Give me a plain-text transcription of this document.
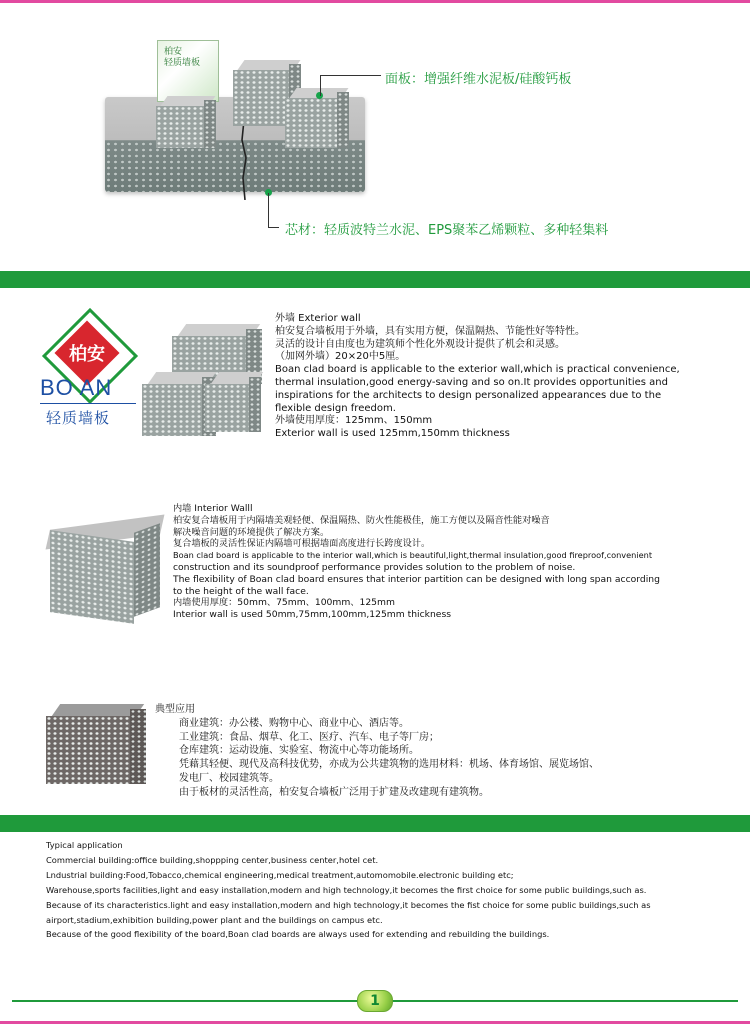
柏安
轻质墙板
面板：增强纤维水泥板/硅酸钙板
芯材：轻质波特兰水泥、EPS聚苯乙烯颗粒、多种轻集料
柏安
BO AN
轻质墙板

外墙 Exterior wall

柏安复合墙板用于外墙，具有实用方便，保温隔热、节能性好等特性。

灵活的设计自由度也为建筑师个性化外观设计提供了机会和灵感。

（加网外墙）20×20中5厘。

Boan clad board is applicable to the exterior wall,which is practical convenience,

thermal insulation,good energy-saving and so on.It provides opportunities and

inspirations for the architects to design personalized appearances due to the

flexible design freedom.

外墙使用厚度：125mm、150mm

Exterior wall is used 125mm,150mm thickness

内墙 Interior Walll

柏安复合墙板用于内隔墙美观轻便、保温隔热、防火性能极佳，施工方便以及隔音性能对噪音

解决噪音问题的环境提供了解决方案。

复合墙板的灵活性保证内隔墙可根据墙面高度进行长跨度设计。

Boan clad board is applicable to the interior wall,which is beautiful,light,thermal insulation,good fireproof,convenient

construction and its soundproof performance provides solution to the problem of noise.

The flexibility of Boan clad board ensures that interior partition can be designed with long span according

to the height of the wall face.

内墙使用厚度：50mm、75mm、100mm、125mm

Interior wall is used 50mm,75mm,100mm,125mm thickness

典型应用

商业建筑：办公楼、购物中心、商业中心、酒店等。

工业建筑：食品、烟草、化工、医疗、汽车、电子等厂房；

仓库建筑：运动设施、实验室、物流中心等功能场所。

凭藉其轻便、现代及高科技优势，亦成为公共建筑物的选用材料：机场、体育场馆、展览场馆、

发电厂、校园建筑等。

由于板材的灵活性高，柏安复合墙板广泛用于扩建及改建现有建筑物。

Typical application

Commercial building:office building,shoppping center,business center,hotel cet.

Lndustrial building:Food,Tobacco,chemical engineering,medical treatment,automomobile.electronic building etc;

Warehouse,sports facilities,light and easy installation,modern and high technology,it becomes the first choice for some public buildings,such as.

Because of its characteristics.light and easy installation,modern and high technology,it becomes the fist choice for some public buildings,such as

airport,stadium,exhibition building,power plant and the buildings on campus etc.

Because of the good flexibility of the board,Boan clad boards are always used for extending and rebuilding the buildings.

1
